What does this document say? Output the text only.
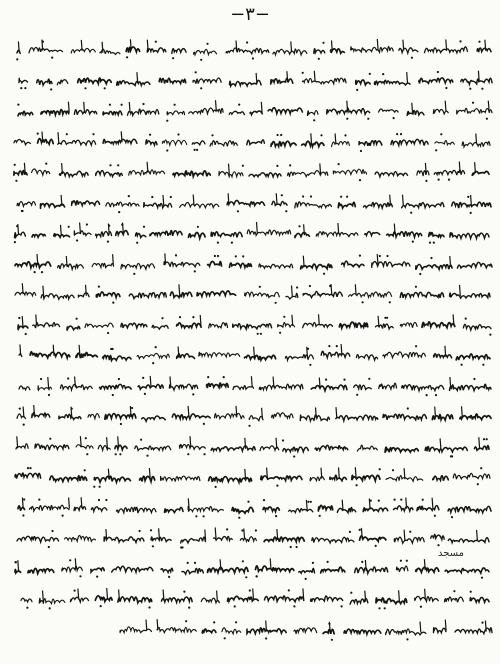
−۳−
مسجد
